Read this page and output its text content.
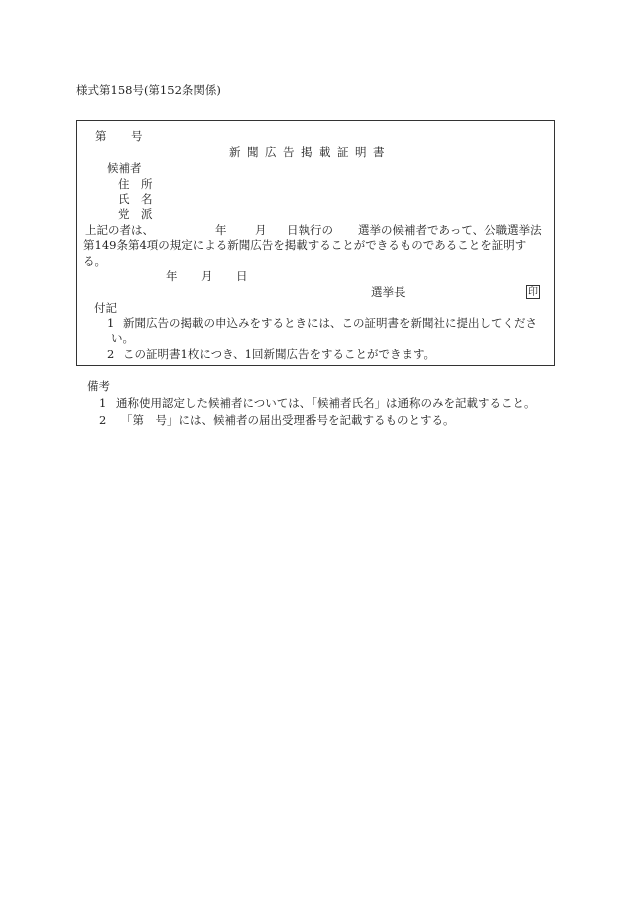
様式第158号(第152条関係)
第 号
新聞広告掲載証明書
候補者
住　所
氏　名
党　派
上記の者は、	年 月 日執行の 選挙の候補者であって、公職選挙法
第149条第4項の規定による新聞広告を掲載することができるものであることを証明す
る。
年 月 日
選挙長	印
付記
1 新聞広告の掲載の申込みをするときには、この証明書を新聞社に提出してくださ
い。
2 この証明書1枚につき、1回新聞広告をすることができます。
備考
1 通称使用認定した候補者については、「候補者氏名」は通称のみを記載すること。
2 「第　号」には、候補者の届出受理番号を記載するものとする。
